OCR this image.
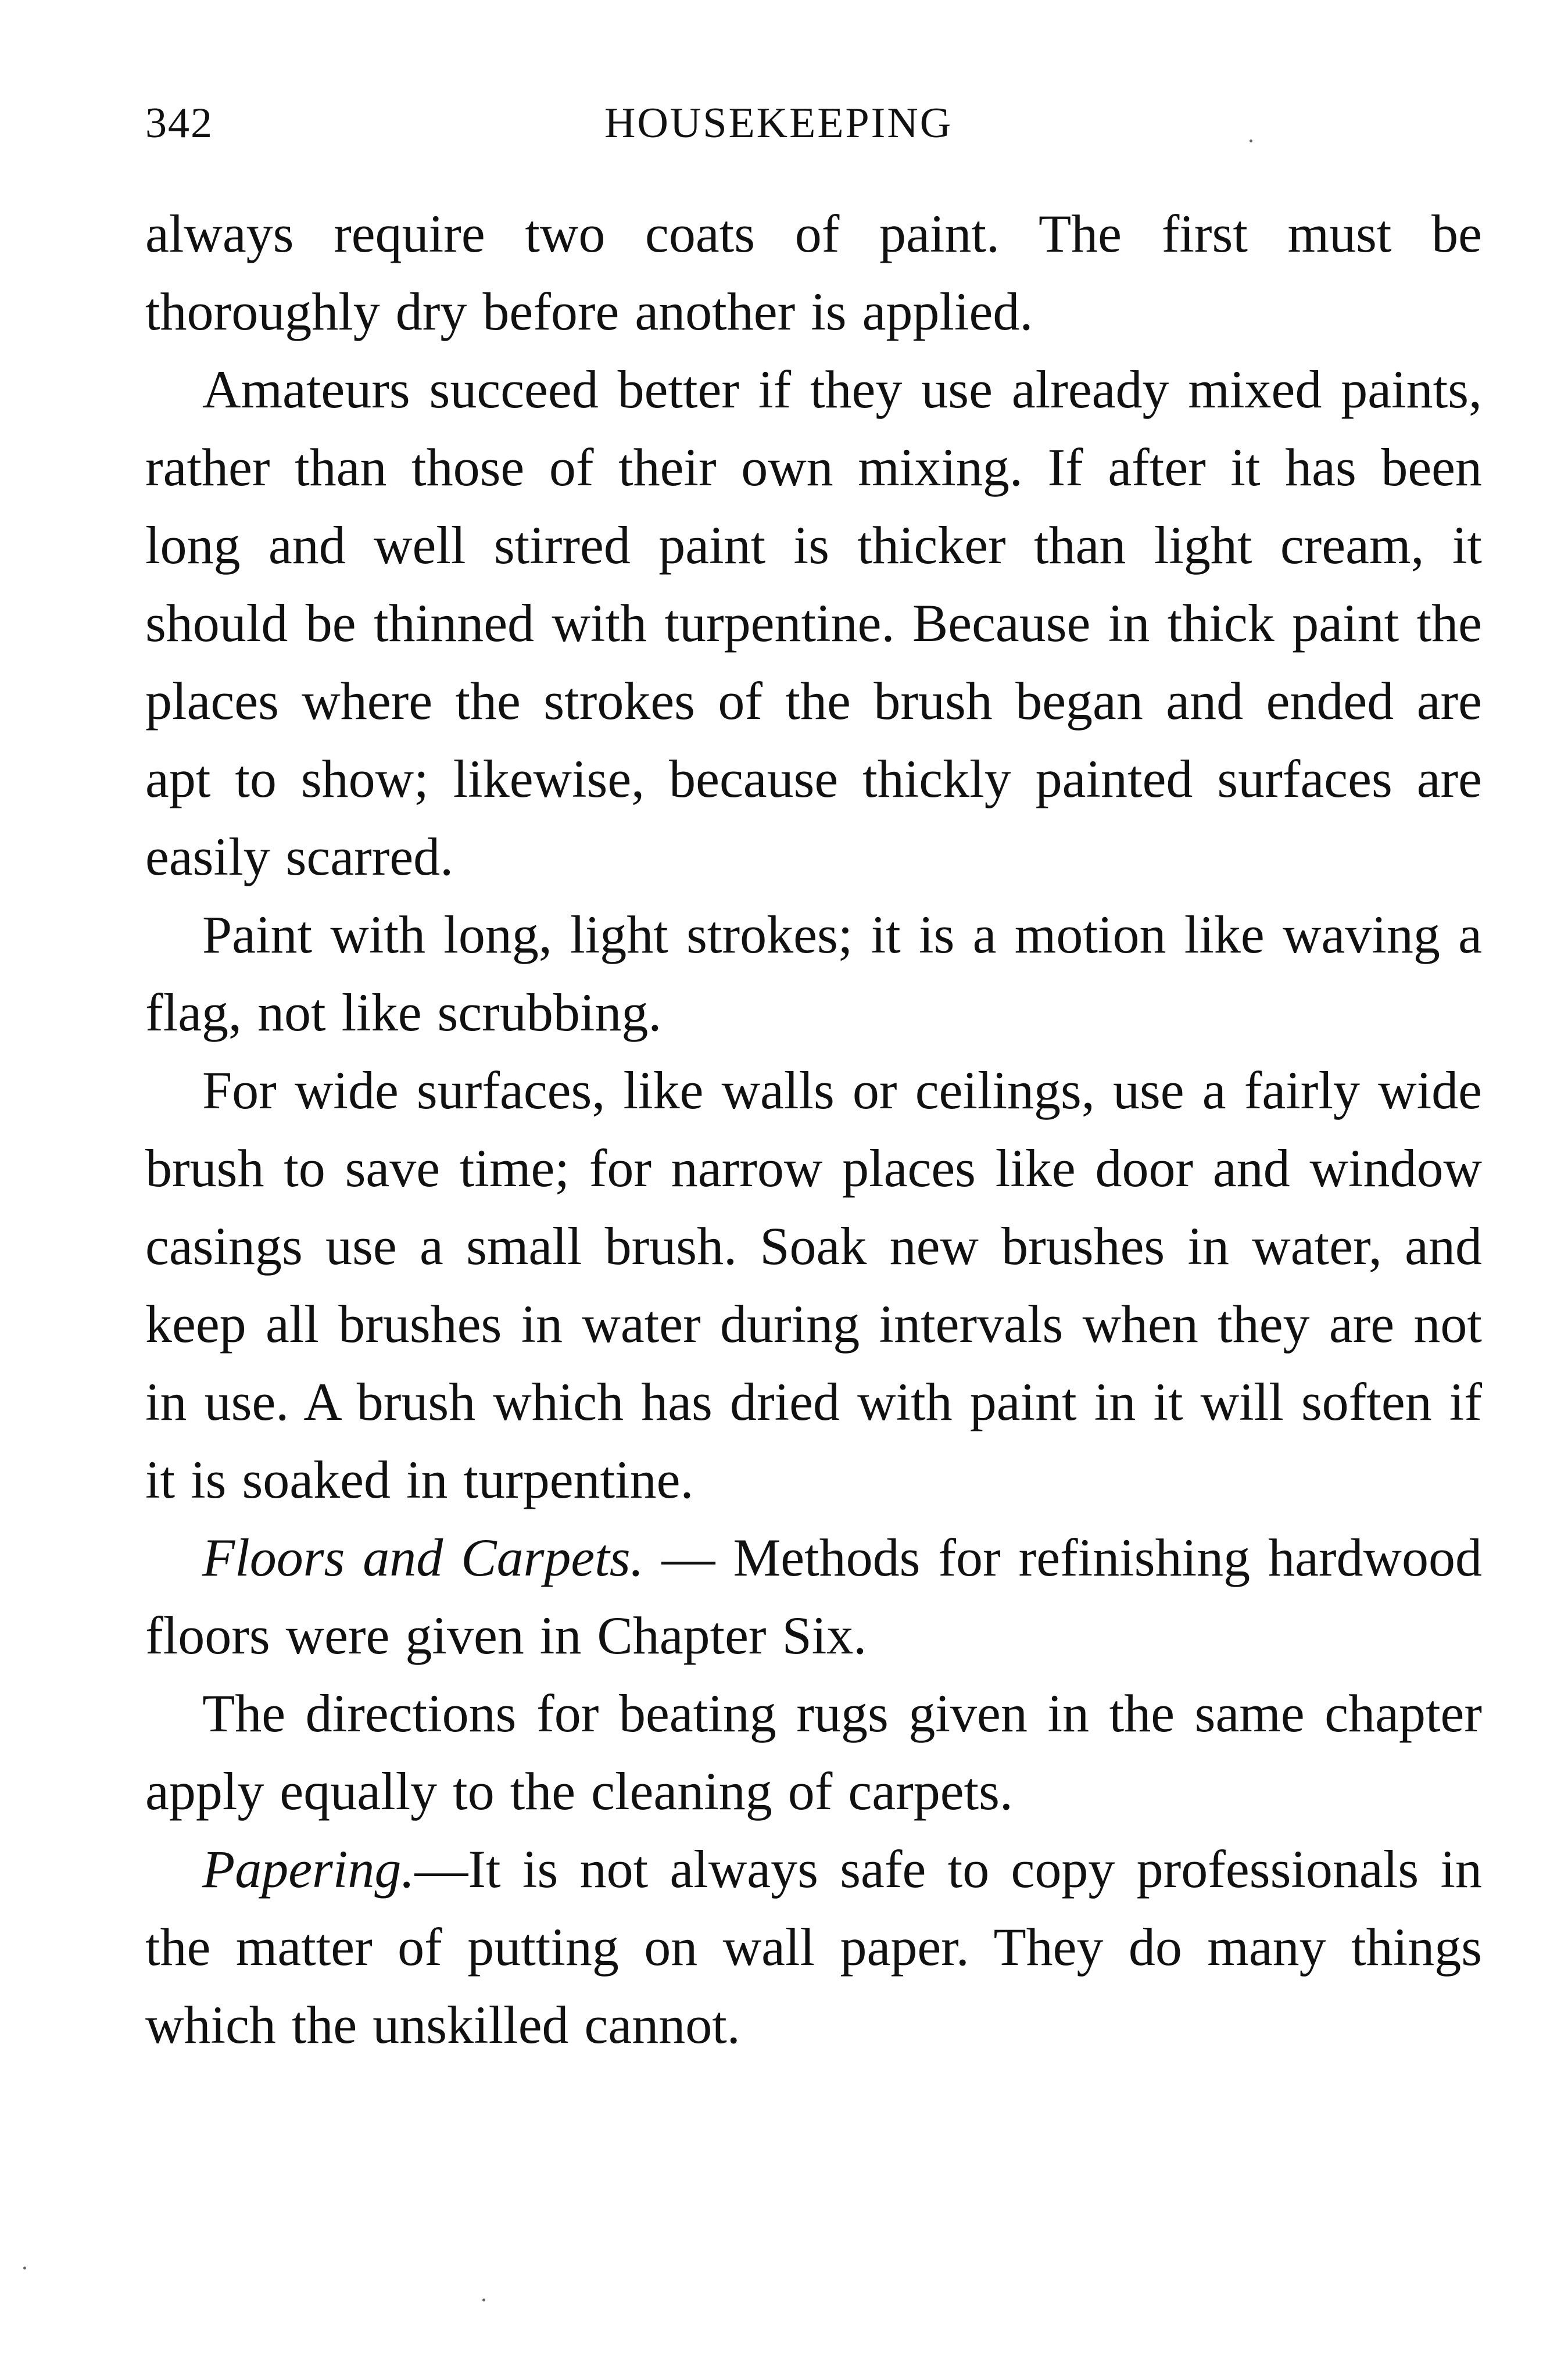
342	HOUSEKEEPING

always require two coats of paint. The first must be thoroughly dry before another is applied.

Amateurs succeed better if they use already mixed paints, rather than those of their own mixing. If after it has been long and well stirred paint is thicker than light cream, it should be thinned with turpentine. Because in thick paint the places where the strokes of the brush began and ended are apt to show; likewise, because thickly painted surfaces are easily scarred.

Paint with long, light strokes; it is a motion like waving a flag, not like scrubbing.

For wide surfaces, like walls or ceilings, use a fairly wide brush to save time; for narrow places like door and window casings use a small brush. Soak new brushes in water, and keep all brushes in water during intervals when they are not in use. A brush which has dried with paint in it will soften if it is soaked in turpentine.

Floors and Carpets. — Methods for refinishing hardwood floors were given in Chapter Six.

The directions for beating rugs given in the same chapter apply equally to the cleaning of carpets.

Papering.—It is not always safe to copy professionals in the matter of putting on wall paper. They do many things which the unskilled cannot.
